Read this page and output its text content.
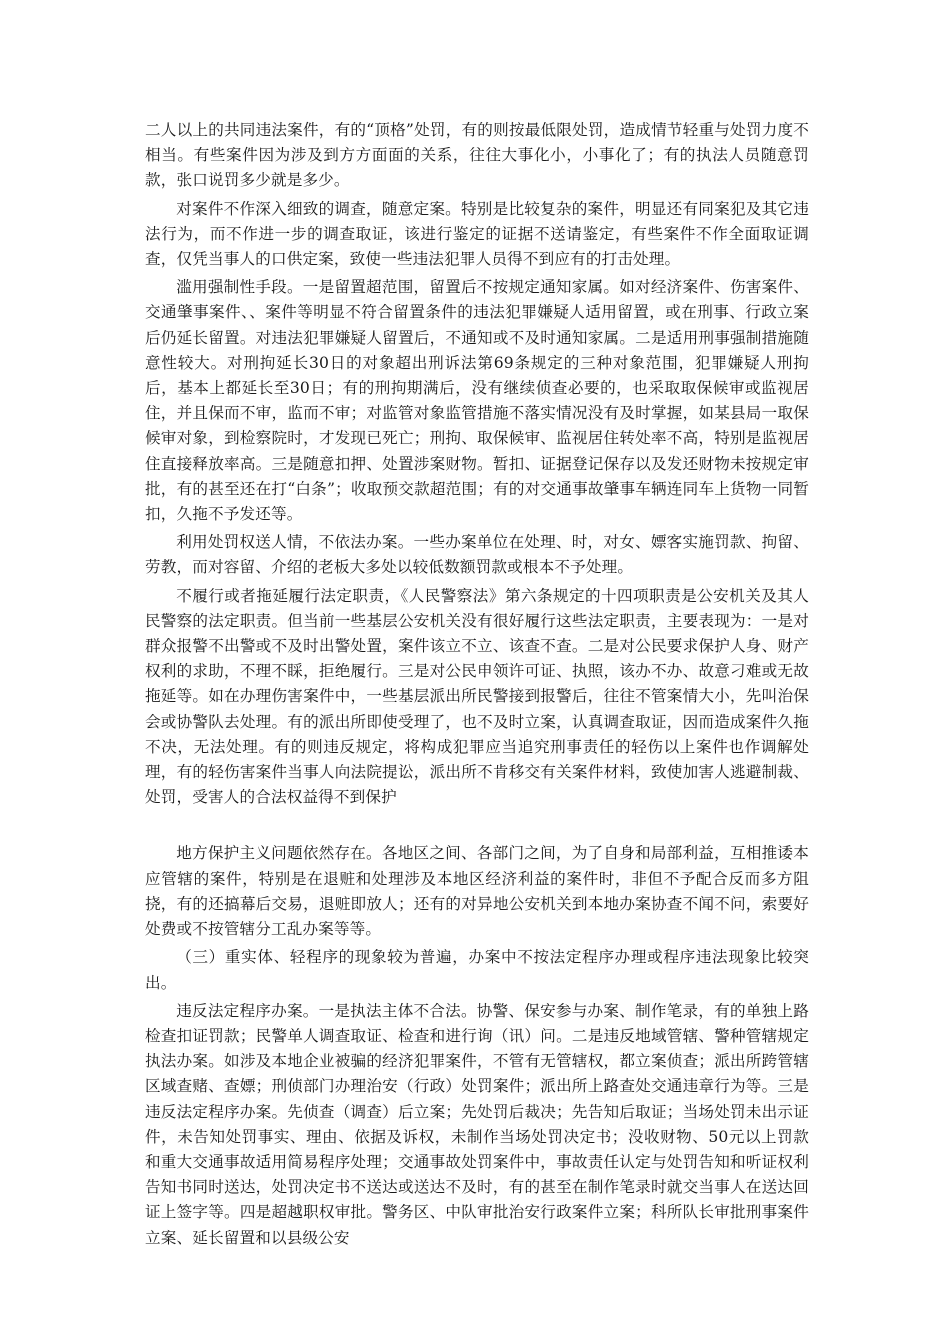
二人以上的共同违法案件，有的“顶格”处罚，有的则按最低限处罚，造成情节轻重与处罚力度不相当。有些案件因为涉及到方方面面的关系，往往大事化小，小事化了；有的执法人员随意罚款，张口说罚多少就是多少。

对案件不作深入细致的调查，随意定案。特别是比较复杂的案件，明显还有同案犯及其它违法行为，而不作进一步的调查取证，该进行鉴定的证据不送请鉴定，有些案件不作全面取证调查，仅凭当事人的口供定案，致使一些违法犯罪人员得不到应有的打击处理。

滥用强制性手段。一是留置超范围，留置后不按规定通知家属。如对经济案件、伤害案件、交通肇事案件、、案件等明显不符合留置条件的违法犯罪嫌疑人适用留置，或在刑事、行政立案后仍延长留置。对违法犯罪嫌疑人留置后，不通知或不及时通知家属。二是适用刑事强制措施随意性较大。对刑拘延长30日的对象超出刑诉法第69条规定的三种对象范围，犯罪嫌疑人刑拘后，基本上都延长至30日；有的刑拘期满后，没有继续侦查必要的，也采取取保候审或监视居住，并且保而不审，监而不审；对监管对象监管措施不落实情况没有及时掌握，如某县局一取保候审对象，到检察院时，才发现已死亡；刑拘、取保候审、监视居住转处率不高，特别是监视居住直接释放率高。三是随意扣押、处置涉案财物。暂扣、证据登记保存以及发还财物未按规定审批，有的甚至还在打“白条”；收取预交款超范围；有的对交通事故肇事车辆连同车上货物一同暂扣，久拖不予发还等。

利用处罚权送人情，不依法办案。一些办案单位在处理、时，对女、嫖客实施罚款、拘留、劳教，而对容留、介绍的老板大多处以较低数额罚款或根本不予处理。

不履行或者拖延履行法定职责，《人民警察法》第六条规定的十四项职责是公安机关及其人民警察的法定职责。但当前一些基层公安机关没有很好履行这些法定职责，主要表现为：一是对群众报警不出警或不及时出警处置，案件该立不立、该查不查。二是对公民要求保护人身、财产权利的求助，不理不睬，拒绝履行。三是对公民申领许可证、执照，该办不办、故意刁难或无故拖延等。如在办理伤害案件中，一些基层派出所民警接到报警后，往往不管案情大小，先叫治保会或协警队去处理。有的派出所即使受理了，也不及时立案，认真调查取证，因而造成案件久拖不决，无法处理。有的则违反规定，将构成犯罪应当追究刑事责任的轻伤以上案件也作调解处理，有的轻伤害案件当事人向法院提讼，派出所不肯移交有关案件材料，致使加害人逃避制裁、处罚，受害人的合法权益得不到保护

地方保护主义问题依然存在。各地区之间、各部门之间，为了自身和局部利益，互相推诿本应管辖的案件，特别是在退赃和处理涉及本地区经济利益的案件时，非但不予配合反而多方阻挠，有的还搞幕后交易，退赃即放人；还有的对异地公安机关到本地办案协查不闻不问，索要好处费或不按管辖分工乱办案等等。

（三）重实体、轻程序的现象较为普遍，办案中不按法定程序办理或程序违法现象比较突出。

违反法定程序办案。一是执法主体不合法。协警、保安参与办案、制作笔录，有的单独上路检查扣证罚款；民警单人调查取证、检查和进行询（讯）问。二是违反地域管辖、警种管辖规定执法办案。如涉及本地企业被骗的经济犯罪案件，不管有无管辖权，都立案侦查；派出所跨管辖区域查赌、查嫖；刑侦部门办理治安（行政）处罚案件；派出所上路查处交通违章行为等。三是违反法定程序办案。先侦查（调查）后立案；先处罚后裁决；先告知后取证；当场处罚未出示证件，未告知处罚事实、理由、依据及诉权，未制作当场处罚决定书；没收财物、50元以上罚款和重大交通事故适用简易程序处理；交通事故处罚案件中，事故责任认定与处罚告知和听证权利告知书同时送达，处罚决定书不送达或送达不及时，有的甚至在制作笔录时就交当事人在送达回证上签字等。四是超越职权审批。警务区、中队审批治安行政案件立案；科所队长审批刑事案件立案、延长留置和以县级公安
